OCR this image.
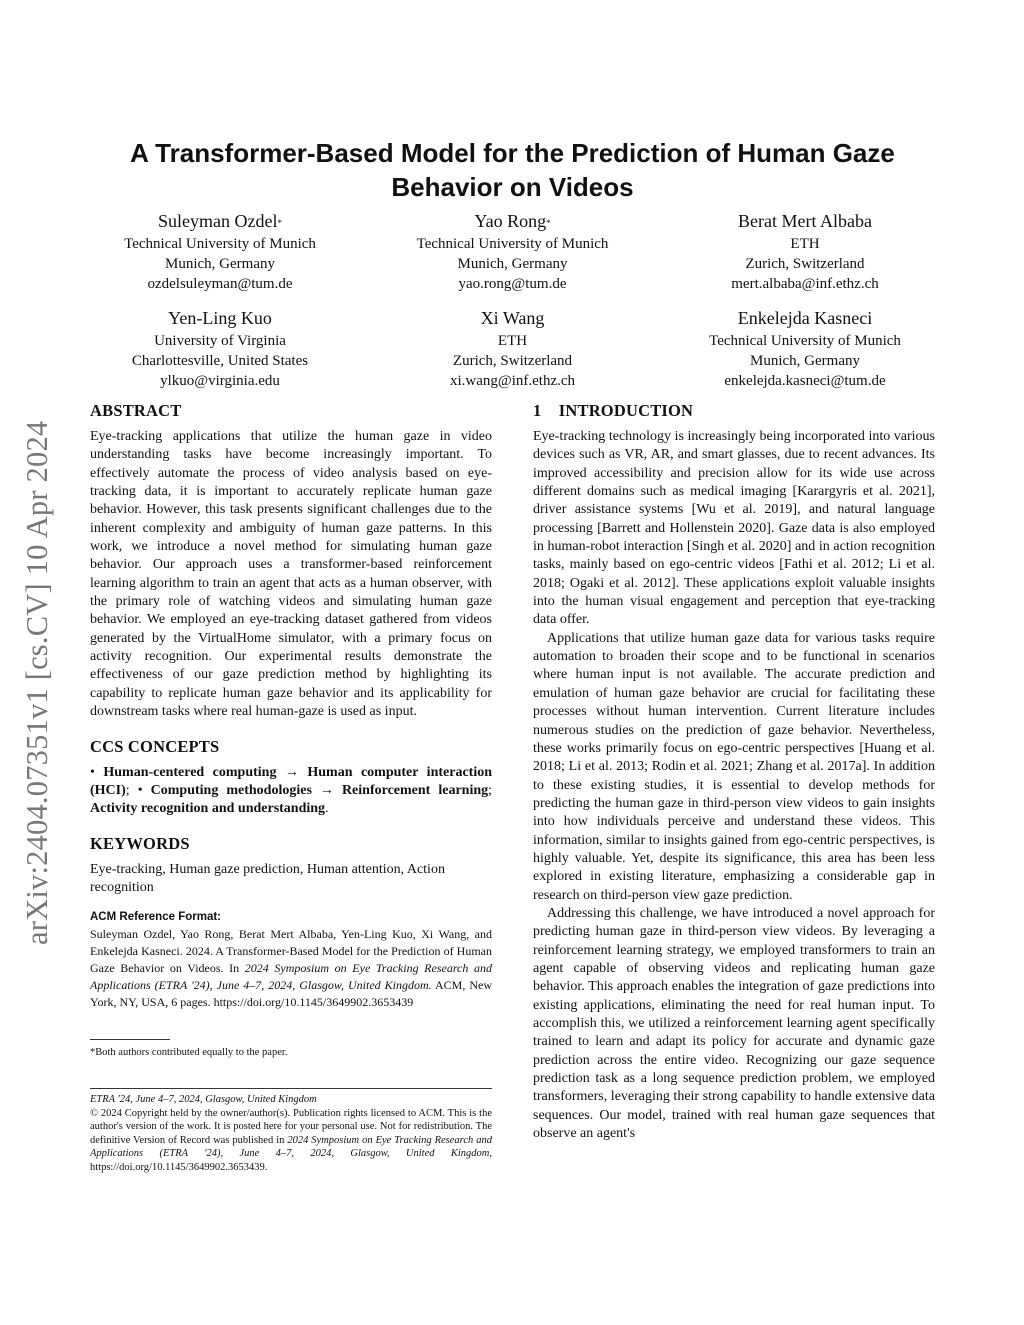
arXiv:2404.07351v1 [cs.CV] 10 Apr 2024
A Transformer-Based Model for the Prediction of Human Gaze
Behavior on Videos
Suleyman Ozdel*
Technical University of Munich
Munich, Germany
ozdelsuleyman@tum.de
Yao Rong*
Technical University of Munich
Munich, Germany
yao.rong@tum.de
Berat Mert Albaba
ETH
Zurich, Switzerland
mert.albaba@inf.ethz.ch
Yen-Ling Kuo
University of Virginia
Charlottesville, United States
ylkuo@virginia.edu
Xi Wang
ETH
Zurich, Switzerland
xi.wang@inf.ethz.ch
Enkelejda Kasneci
Technical University of Munich
Munich, Germany
enkelejda.kasneci@tum.de
ABSTRACT

Eye-tracking applications that utilize the human gaze in video understanding tasks have become increasingly important. To effectively automate the process of video analysis based on eye-tracking data, it is important to accurately replicate human gaze behavior. However, this task presents significant challenges due to the inherent complexity and ambiguity of human gaze patterns. In this work, we introduce a novel method for simulating human gaze behavior. Our approach uses a transformer-based reinforcement learning algorithm to train an agent that acts as a human observer, with the primary role of watching videos and simulating human gaze behavior. We employed an eye-tracking dataset gathered from videos generated by the VirtualHome simulator, with a primary focus on activity recognition. Our experimental results demonstrate the effectiveness of our gaze prediction method by highlighting its capability to replicate human gaze behavior and its applicability for downstream tasks where real human-gaze is used as input.

CCS CONCEPTS

• Human-centered computing → Human computer interaction (HCI); • Computing methodologies → Reinforcement learning; Activity recognition and understanding.

KEYWORDS

Eye-tracking, Human gaze prediction, Human attention, Action recognition

ACM Reference Format:
Suleyman Ozdel, Yao Rong, Berat Mert Albaba, Yen-Ling Kuo, Xi Wang, and Enkelejda Kasneci. 2024. A Transformer-Based Model for the Prediction of Human Gaze Behavior on Videos. In 2024 Symposium on Eye Tracking Research and Applications (ETRA '24), June 4–7, 2024, Glasgow, United Kingdom. ACM, New York, NY, USA, 6 pages. https://doi.org/10.1145/3649902.3653439
*Both authors contributed equally to the paper.
ETRA '24, June 4–7, 2024, Glasgow, United Kingdom
© 2024 Copyright held by the owner/author(s). Publication rights licensed to ACM. This is the author's version of the work. It is posted here for your personal use. Not for redistribution. The definitive Version of Record was published in 2024 Symposium on Eye Tracking Research and Applications (ETRA '24), June 4–7, 2024, Glasgow, United Kingdom, https://doi.org/10.1145/3649902.3653439.
1    INTRODUCTION

Eye-tracking technology is increasingly being incorporated into various devices such as VR, AR, and smart glasses, due to recent advances. Its improved accessibility and precision allow for its wide use across different domains such as medical imaging [Karargyris et al. 2021], driver assistance systems [Wu et al. 2019], and natural language processing [Barrett and Hollenstein 2020]. Gaze data is also employed in human-robot interaction [Singh et al. 2020] and in action recognition tasks, mainly based on ego-centric videos [Fathi et al. 2012; Li et al. 2018; Ogaki et al. 2012]. These applications exploit valuable insights into the human visual engagement and perception that eye-tracking data offer.

Applications that utilize human gaze data for various tasks require automation to broaden their scope and to be functional in scenarios where human input is not available. The accurate prediction and emulation of human gaze behavior are crucial for facilitating these processes without human intervention. Current literature includes numerous studies on the prediction of gaze behavior. Nevertheless, these works primarily focus on ego-centric perspectives [Huang et al. 2018; Li et al. 2013; Rodin et al. 2021; Zhang et al. 2017a]. In addition to these existing studies, it is essential to develop methods for predicting the human gaze in third-person view videos to gain insights into how individuals perceive and understand these videos. This information, similar to insights gained from ego-centric perspectives, is highly valuable. Yet, despite its significance, this area has been less explored in existing literature, emphasizing a considerable gap in research on third-person view gaze prediction.

Addressing this challenge, we have introduced a novel approach for predicting human gaze in third-person view videos. By leveraging a reinforcement learning strategy, we employed transformers to train an agent capable of observing videos and replicating human gaze behavior. This approach enables the integration of gaze predictions into existing applications, eliminating the need for real human input. To accomplish this, we utilized a reinforcement learning agent specifically trained to learn and adapt its policy for accurate and dynamic gaze prediction across the entire video. Recognizing our gaze sequence prediction task as a long sequence prediction problem, we employed transformers, leveraging their strong capability to handle extensive data sequences. Our model, trained with real human gaze sequences that observe an agent's
